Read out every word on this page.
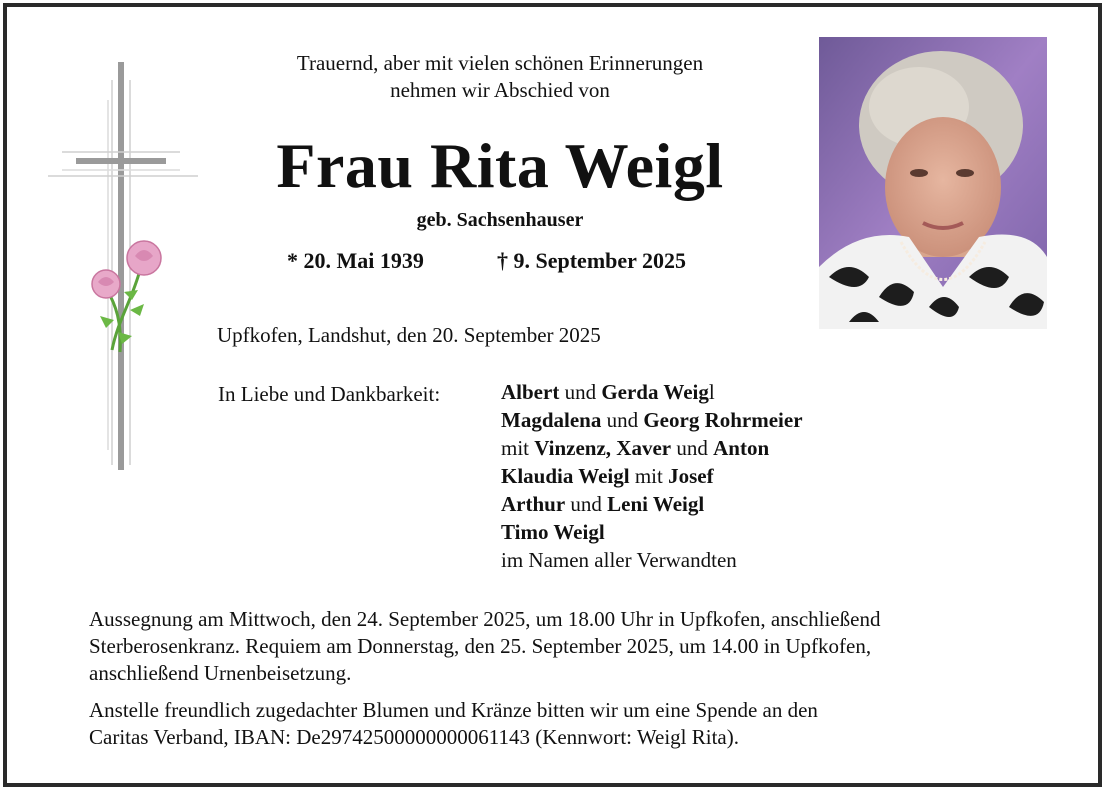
Trauernd, aber mit vielen schönen Erinnerungen
nehmen wir Abschied von
Frau Rita Weigl
geb. Sachsenhauser
* 20. Mai 1939	† 9. September 2025
Upfkofen, Landshut, den 20. September 2025
In Liebe und Dankbarkeit:	Albert und Gerda Weigl
Magdalena und Georg Rohrmeier
mit Vinzenz, Xaver und Anton
Klaudia Weigl mit Josef
Arthur und Leni Weigl
Timo Weigl
im Namen aller Verwandten
Aussegnung am Mittwoch, den 24. September 2025, um 18.00 Uhr in Upfkofen, anschließend
Sterberosenkranz. Requiem am Donnerstag, den 25. September 2025, um 14.00 in Upfkofen,
anschließend Urnenbeisetzung.
Anstelle freundlich zugedachter Blumen und Kränze bitten wir um eine Spende an den
Caritas Verband, IBAN: De29742500000000061143 (Kennwort: Weigl Rita).
